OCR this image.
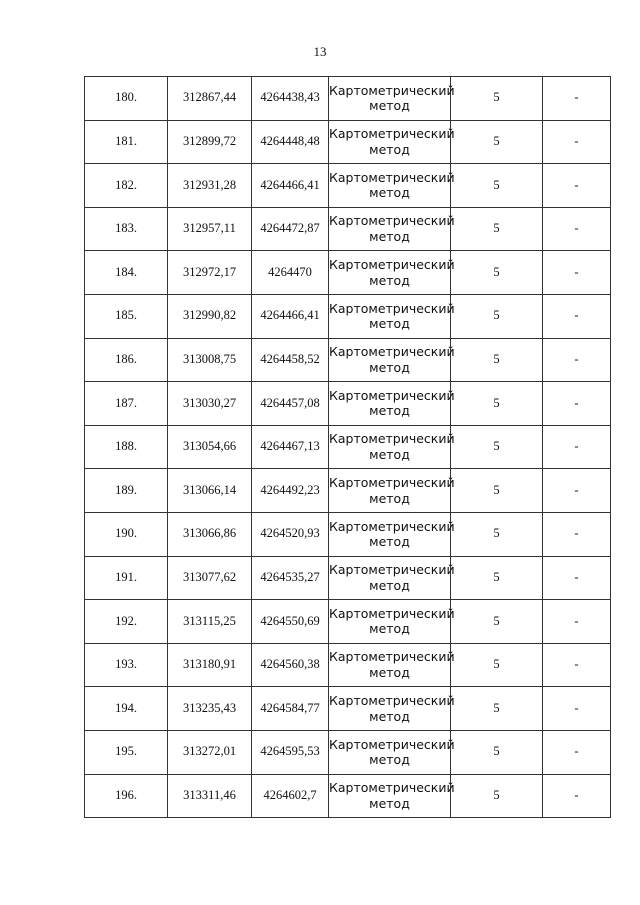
13
180.	312867,44	4264438,43	Картометрический
метод	5	-
181.	312899,72	4264448,48	Картометрический
метод	5	-
182.	312931,28	4264466,41	Картометрический
метод	5	-
183.	312957,11	4264472,87	Картометрический
метод	5	-
184.	312972,17	4264470	Картометрический
метод	5	-
185.	312990,82	4264466,41	Картометрический
метод	5	-
186.	313008,75	4264458,52	Картометрический
метод	5	-
187.	313030,27	4264457,08	Картометрический
метод	5	-
188.	313054,66	4264467,13	Картометрический
метод	5	-
189.	313066,14	4264492,23	Картометрический
метод	5	-
190.	313066,86	4264520,93	Картометрический
метод	5	-
191.	313077,62	4264535,27	Картометрический
метод	5	-
192.	313115,25	4264550,69	Картометрический
метод	5	-
193.	313180,91	4264560,38	Картометрический
метод	5	-
194.	313235,43	4264584,77	Картометрический
метод	5	-
195.	313272,01	4264595,53	Картометрический
метод	5	-
196.	313311,46	4264602,7	Картометрический
метод	5	-
